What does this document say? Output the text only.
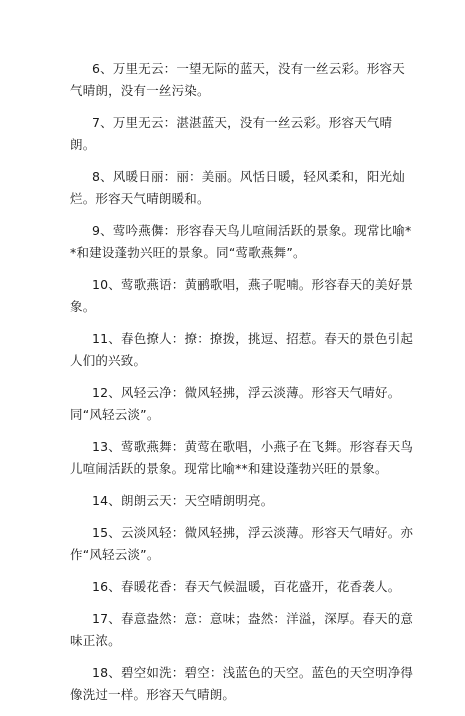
6、万里无云：一望无际的蓝天，没有一丝云彩。形容天气晴朗，没有一丝污染。

7、万里无云：湛湛蓝天，没有一丝云彩。形容天气晴朗。

8、风暖日丽：丽：美丽。风恬日暖，轻风柔和，阳光灿烂。形容天气晴朗暖和。

9、莺吟燕儛：形容春天鸟儿喧闹活跃的景象。现常比喻**和建设蓬勃兴旺的景象。同“莺歌燕舞”。

10、莺歌燕语：黄鹂歌唱，燕子呢喃。形容春天的美好景象。

11、春色撩人：撩：撩拨，挑逗、招惹。春天的景色引起人们的兴致。

12、风轻云净：微风轻拂，浮云淡薄。形容天气晴好。同“风轻云淡”。

13、莺歌燕舞：黄莺在歌唱，小燕子在飞舞。形容春天鸟儿喧闹活跃的景象。现常比喻**和建设蓬勃兴旺的景象。

14、朗朗云天：天空晴朗明亮。

15、云淡风轻：微风轻拂，浮云淡薄。形容天气晴好。亦作“风轻云淡”。

16、春暖花香：春天气候温暖，百花盛开，花香袭人。

17、春意盎然：意：意味；盎然：洋溢，深厚。春天的意味正浓。

18、碧空如洗：碧空：浅蓝色的天空。蓝色的天空明净得像洗过一样。形容天气晴朗。
